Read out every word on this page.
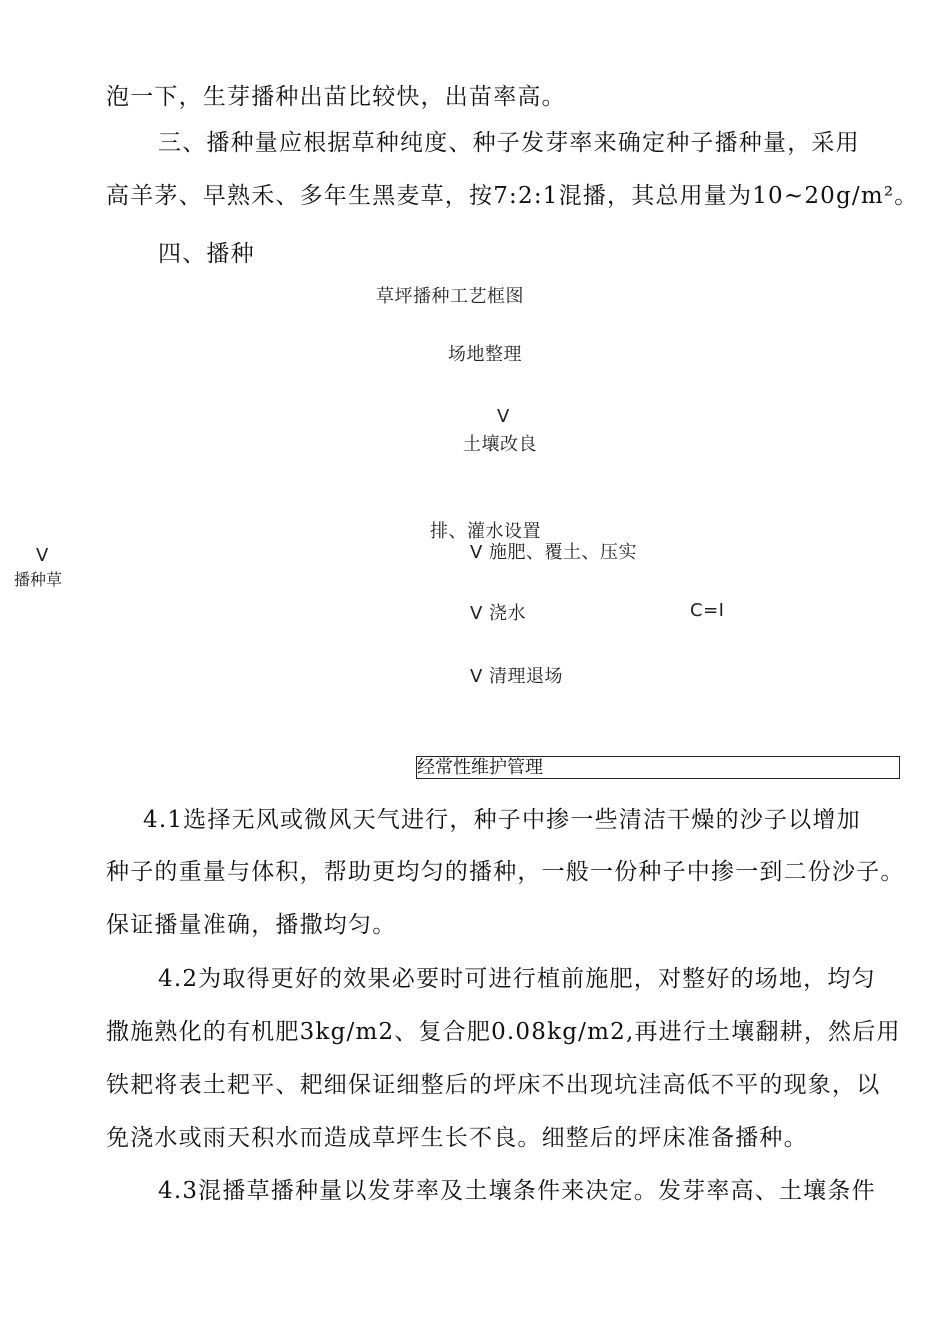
泡一下，生芽播种出苗比较快，出苗率高。
三、播种量应根据草种纯度、种子发芽率来确定种子播种量，采用
高羊茅、早熟禾、多年生黑麦草，按7:2:1混播，其总用量为10~20g/m²。
四、播种
草坪播种工艺框图
场地整理
V
土壤改良
排、灌水设置
V 施肥、覆土、压实
V
播种草
V 浇水	C=I
V 清理退场
经常性维护管理
4.1选择无风或微风天气进行，种子中掺一些清洁干燥的沙子以增加
种子的重量与体积，帮助更均匀的播种，一般一份种子中掺一到二份沙子。
保证播量准确，播撒均匀。
4.2为取得更好的效果必要时可进行植前施肥，对整好的场地，均匀
撒施熟化的有机肥3kg/m2、复合肥0.08kg/m2,再进行土壤翻耕，然后用
铁耙将表土耙平、耙细保证细整后的坪床不出现坑洼高低不平的现象，以
免浇水或雨天积水而造成草坪生长不良。细整后的坪床准备播种。
4.3混播草播种量以发芽率及土壤条件来决定。发芽率高、土壤条件
